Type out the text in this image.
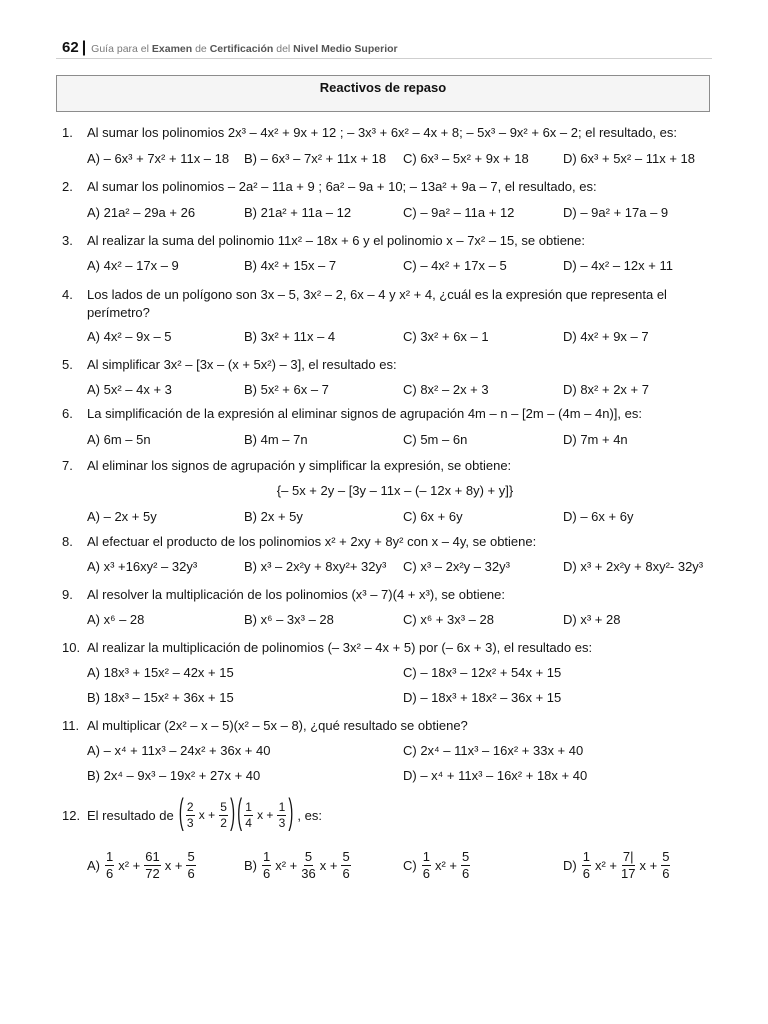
62 | Guía para el Examen de Certificación del Nivel Medio Superior
Reactivos de repaso
1. Al sumar los polinomios 2x³ – 4x² + 9x + 12 ; – 3x³ + 6x² – 4x + 8; – 5x³ – 9x² + 6x – 2; el resultado, es:
A) – 6x³ + 7x² + 11x – 18 B) – 6x³ – 7x² + 11x + 18 C) 6x³ – 5x² + 9x + 18	D) 6x³ + 5x² – 11x + 18
2. Al sumar los polinomios – 2a² – 11a + 9 ; 6a² – 9a + 10; – 13a² + 9a – 7, el resultado, es:
A) 21a² – 29a + 26	B) 21a² + 11a – 12	C) – 9a² – 11a + 12	D) – 9a² + 17a – 9
3. Al realizar la suma del polinomio 11x² – 18x + 6 y el polinomio x – 7x² – 15, se obtiene:
A) 4x² – 17x – 9	B) 4x² + 15x – 7	C) – 4x² + 17x – 5	D) – 4x² – 12x + 11
4. Los lados de un polígono son 3x – 5, 3x² – 2, 6x – 4 y x² + 4, ¿cuál es la expresión que representa el
perímetro?
A) 4x² – 9x – 5	B) 3x² + 11x – 4	C) 3x² + 6x – 1	D) 4x² + 9x – 7
5. Al simplificar 3x² – [3x – (x + 5x²) – 3], el resultado es:
A) 5x² – 4x + 3	B) 5x² + 6x – 7	C) 8x² – 2x + 3	D) 8x² + 2x + 7
6. La simplificación de la expresión al eliminar signos de agrupación 4m – n – [2m – (4m – 4n)], es:
A) 6m – 5n	B) 4m – 7n	C) 5m – 6n	D) 7m + 4n
7. Al eliminar los signos de agrupación y simplificar la expresión, se obtiene:
{– 5x + 2y – [3y – 11x – (– 12x + 8y) + y]}
A) – 2x + 5y	B) 2x + 5y	C) 6x + 6y	D) – 6x + 6y
8. Al efectuar el producto de los polinomios x² + 2xy + 8y² con x – 4y, se obtiene:
A) x³ +16xy² – 32y³	B) x³ – 2x²y + 8xy²+ 32y³ C) x³ – 2x²y – 32y³	D) x³ + 2x²y + 8xy²- 32y³
9. Al resolver la multiplicación de los polinomios (x³ – 7)(4 + x³), se obtiene:
A) x⁶ – 28	B) x⁶ – 3x³ – 28	C) x⁶ + 3x³ – 28	D) x³ + 28
10. Al realizar la multiplicación de polinomios (– 3x² – 4x + 5) por (– 6x + 3), el resultado es:
A) 18x³ + 15x² – 42x + 15	C) – 18x³ – 12x² + 54x + 15
B) 18x³ – 15x² + 36x + 15	D) – 18x³ + 18x² – 36x + 15
11. Al multiplicar (2x² – x – 5)(x² – 5x – 8), ¿qué resultado se obtiene?
A) – x⁴ + 11x³ – 24x² + 36x + 40	C) 2x⁴ – 11x³ – 16x² + 33x + 40
B) 2x⁴ – 9x³ – 19x² + 27x + 40	D) – x⁴ + 11x³ – 16x² + 18x + 40
12. El resultado de ( $\frac{2}{3}$ $x + \frac{5}{2}$ ) ( $\frac{1}{4}$ $x + \frac{1}{3}$ ) , es:
$A) \frac{1}{6} x^2 + \frac{61}{72}$ $x + \frac{5}{6}$	$B) \frac{1}{6} x^2 + \frac{5}{36}$ $x + \frac{5}{6}$	$C) \frac{1}{6} x^2 + \frac{5}{6}$	$D) \frac{1}{6} x^2 + \frac{7|}{17}$ $x + \frac{5}{6}$
